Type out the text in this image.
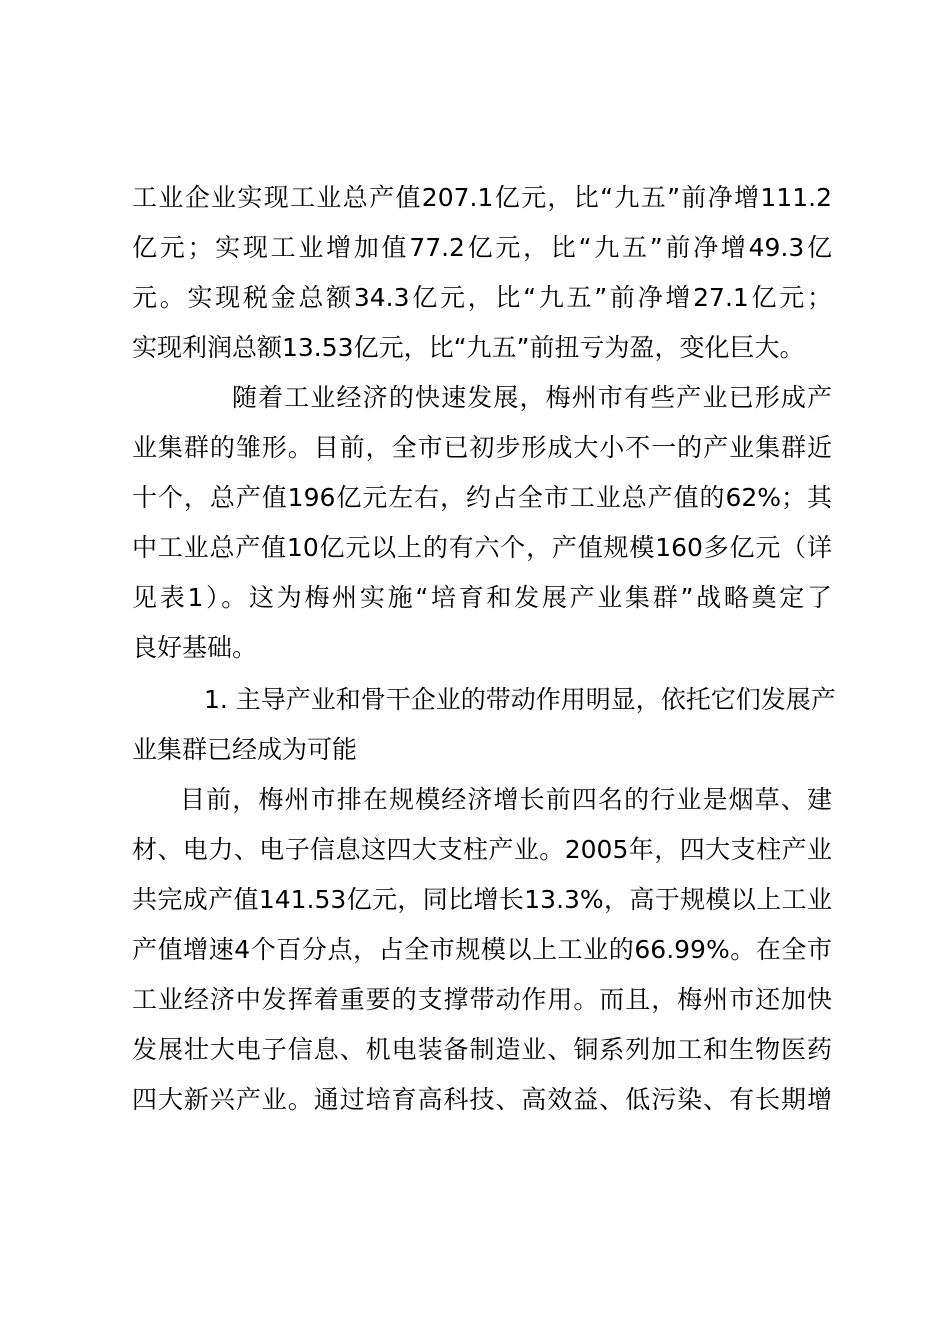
工业企业实现工业总产值207.1亿元，比“九五”前净增111.2
亿元；实现工业增加值77.2亿元，比“九五”前净增49.3亿
元。实现税金总额34.3亿元，比“九五”前净增27.1亿元；
实现利润总额13.53亿元，比“九五”前扭亏为盈，变化巨大。
随着工业经济的快速发展，梅州市有些产业已形成产
业集群的雏形。目前，全市已初步形成大小不一的产业集群近
十个，总产值196亿元左右，约占全市工业总产值的62%；其
中工业总产值10亿元以上的有六个，产值规模160多亿元（详
见表1）。这为梅州实施“培育和发展产业集群”战略奠定了
良好基础。
1. 主导产业和骨干企业的带动作用明显，依托它们发展产
业集群已经成为可能
目前，梅州市排在规模经济增长前四名的行业是烟草、建
材、电力、电子信息这四大支柱产业。2005年，四大支柱产业
共完成产值141.53亿元，同比增长13.3%，高于规模以上工业
产值增速4个百分点，占全市规模以上工业的66.99%。在全市
工业经济中发挥着重要的支撑带动作用。而且，梅州市还加快
发展壮大电子信息、机电装备制造业、铜系列加工和生物医药
四大新兴产业。通过培育高科技、高效益、低污染、有长期增
